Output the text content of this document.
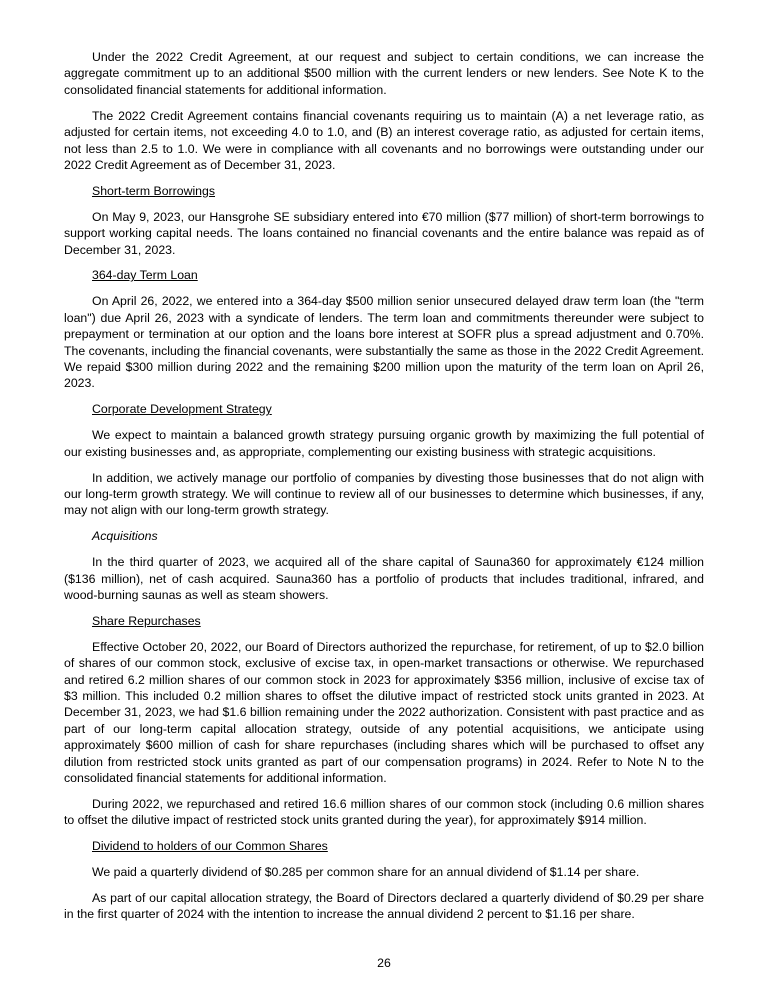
Under the 2022 Credit Agreement, at our request and subject to certain conditions, we can increase the aggregate commitment up to an additional $500 million with the current lenders or new lenders. See Note K to the consolidated financial statements for additional information.

The 2022 Credit Agreement contains financial covenants requiring us to maintain (A) a net leverage ratio, as adjusted for certain items, not exceeding 4.0 to 1.0, and (B) an interest coverage ratio, as adjusted for certain items, not less than 2.5 to 1.0. We were in compliance with all covenants and no borrowings were outstanding under our 2022 Credit Agreement as of December 31, 2023.

Short-term Borrowings

On May 9, 2023, our Hansgrohe SE subsidiary entered into €70 million ($77 million) of short-term borrowings to support working capital needs. The loans contained no financial covenants and the entire balance was repaid as of December 31, 2023.

364-day Term Loan

On April 26, 2022, we entered into a 364-day $500 million senior unsecured delayed draw term loan (the "term loan") due April 26, 2023 with a syndicate of lenders. The term loan and commitments thereunder were subject to prepayment or termination at our option and the loans bore interest at SOFR plus a spread adjustment and 0.70%. The covenants, including the financial covenants, were substantially the same as those in the 2022 Credit Agreement. We repaid $300 million during 2022 and the remaining $200 million upon the maturity of the term loan on April 26, 2023.

Corporate Development Strategy

We expect to maintain a balanced growth strategy pursuing organic growth by maximizing the full potential of our existing businesses and, as appropriate, complementing our existing business with strategic acquisitions.

In addition, we actively manage our portfolio of companies by divesting those businesses that do not align with our long-term growth strategy. We will continue to review all of our businesses to determine which businesses, if any, may not align with our long-term growth strategy.

Acquisitions

In the third quarter of 2023, we acquired all of the share capital of Sauna360 for approximately €124 million ($136 million), net of cash acquired. Sauna360 has a portfolio of products that includes traditional, infrared, and wood-burning saunas as well as steam showers.

Share Repurchases

Effective October 20, 2022, our Board of Directors authorized the repurchase, for retirement, of up to $2.0 billion of shares of our common stock, exclusive of excise tax, in open-market transactions or otherwise. We repurchased and retired 6.2 million shares of our common stock in 2023 for approximately $356 million, inclusive of excise tax of $3 million. This included 0.2 million shares to offset the dilutive impact of restricted stock units granted in 2023. At December 31, 2023, we had $1.6 billion remaining under the 2022 authorization. Consistent with past practice and as part of our long-term capital allocation strategy, outside of any potential acquisitions, we anticipate using approximately $600 million of cash for share repurchases (including shares which will be purchased to offset any dilution from restricted stock units granted as part of our compensation programs) in 2024. Refer to Note N to the consolidated financial statements for additional information.

During 2022, we repurchased and retired 16.6 million shares of our common stock (including 0.6 million shares to offset the dilutive impact of restricted stock units granted during the year), for approximately $914 million.

Dividend to holders of our Common Shares

We paid a quarterly dividend of $0.285 per common share for an annual dividend of $1.14 per share.

As part of our capital allocation strategy, the Board of Directors declared a quarterly dividend of $0.29 per share in the first quarter of 2024 with the intention to increase the annual dividend 2 percent to $1.16 per share.

26
